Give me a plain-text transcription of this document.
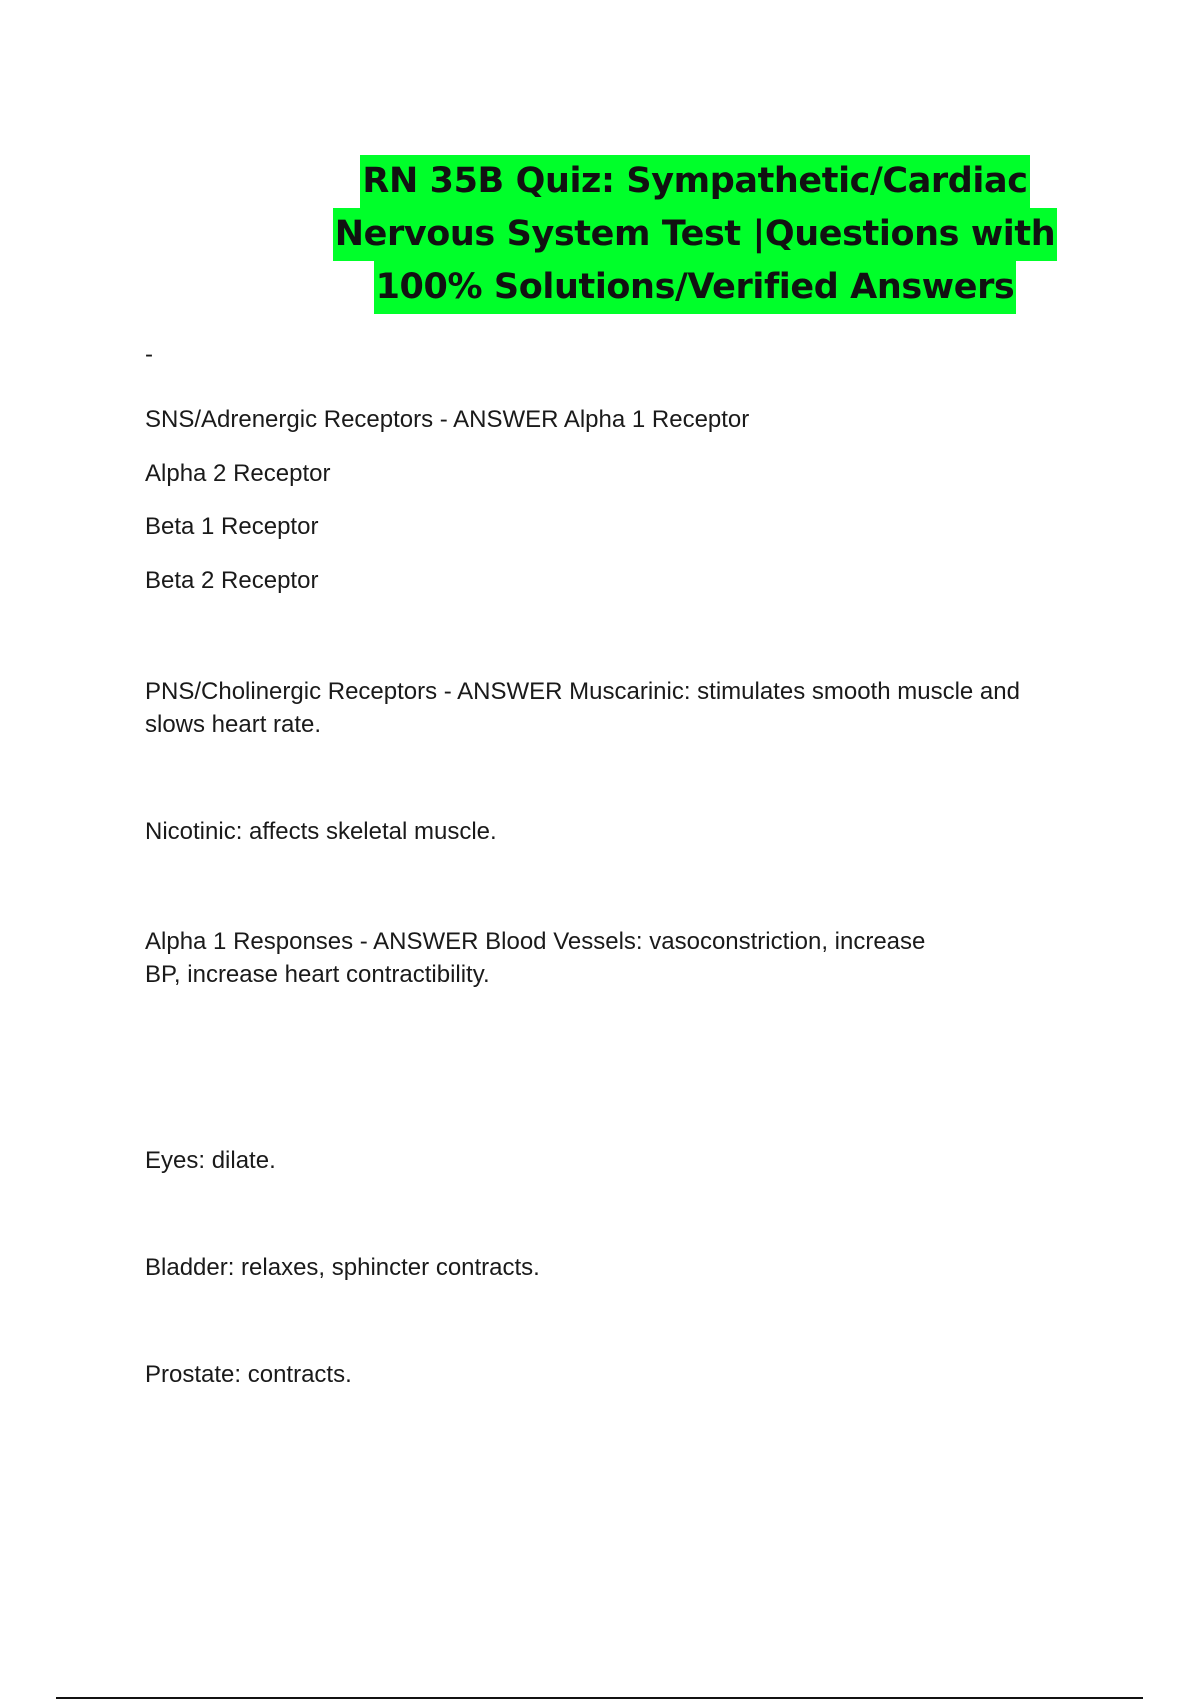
RN 35B Quiz: Sympathetic/Cardiac
Nervous System Test |Questions with
100% Solutions/Verified Answers
-
SNS/Adrenergic Receptors - ANSWER Alpha 1 Receptor
Alpha 2 Receptor
Beta 1 Receptor
Beta 2 Receptor
PNS/Cholinergic Receptors - ANSWER Muscarinic: stimulates smooth muscle and
slows heart rate.
Nicotinic: affects skeletal muscle.
Alpha 1 Responses - ANSWER Blood Vessels: vasoconstriction, increase
BP, increase heart contractibility.
Eyes: dilate.
Bladder: relaxes, sphincter contracts.
Prostate: contracts.
